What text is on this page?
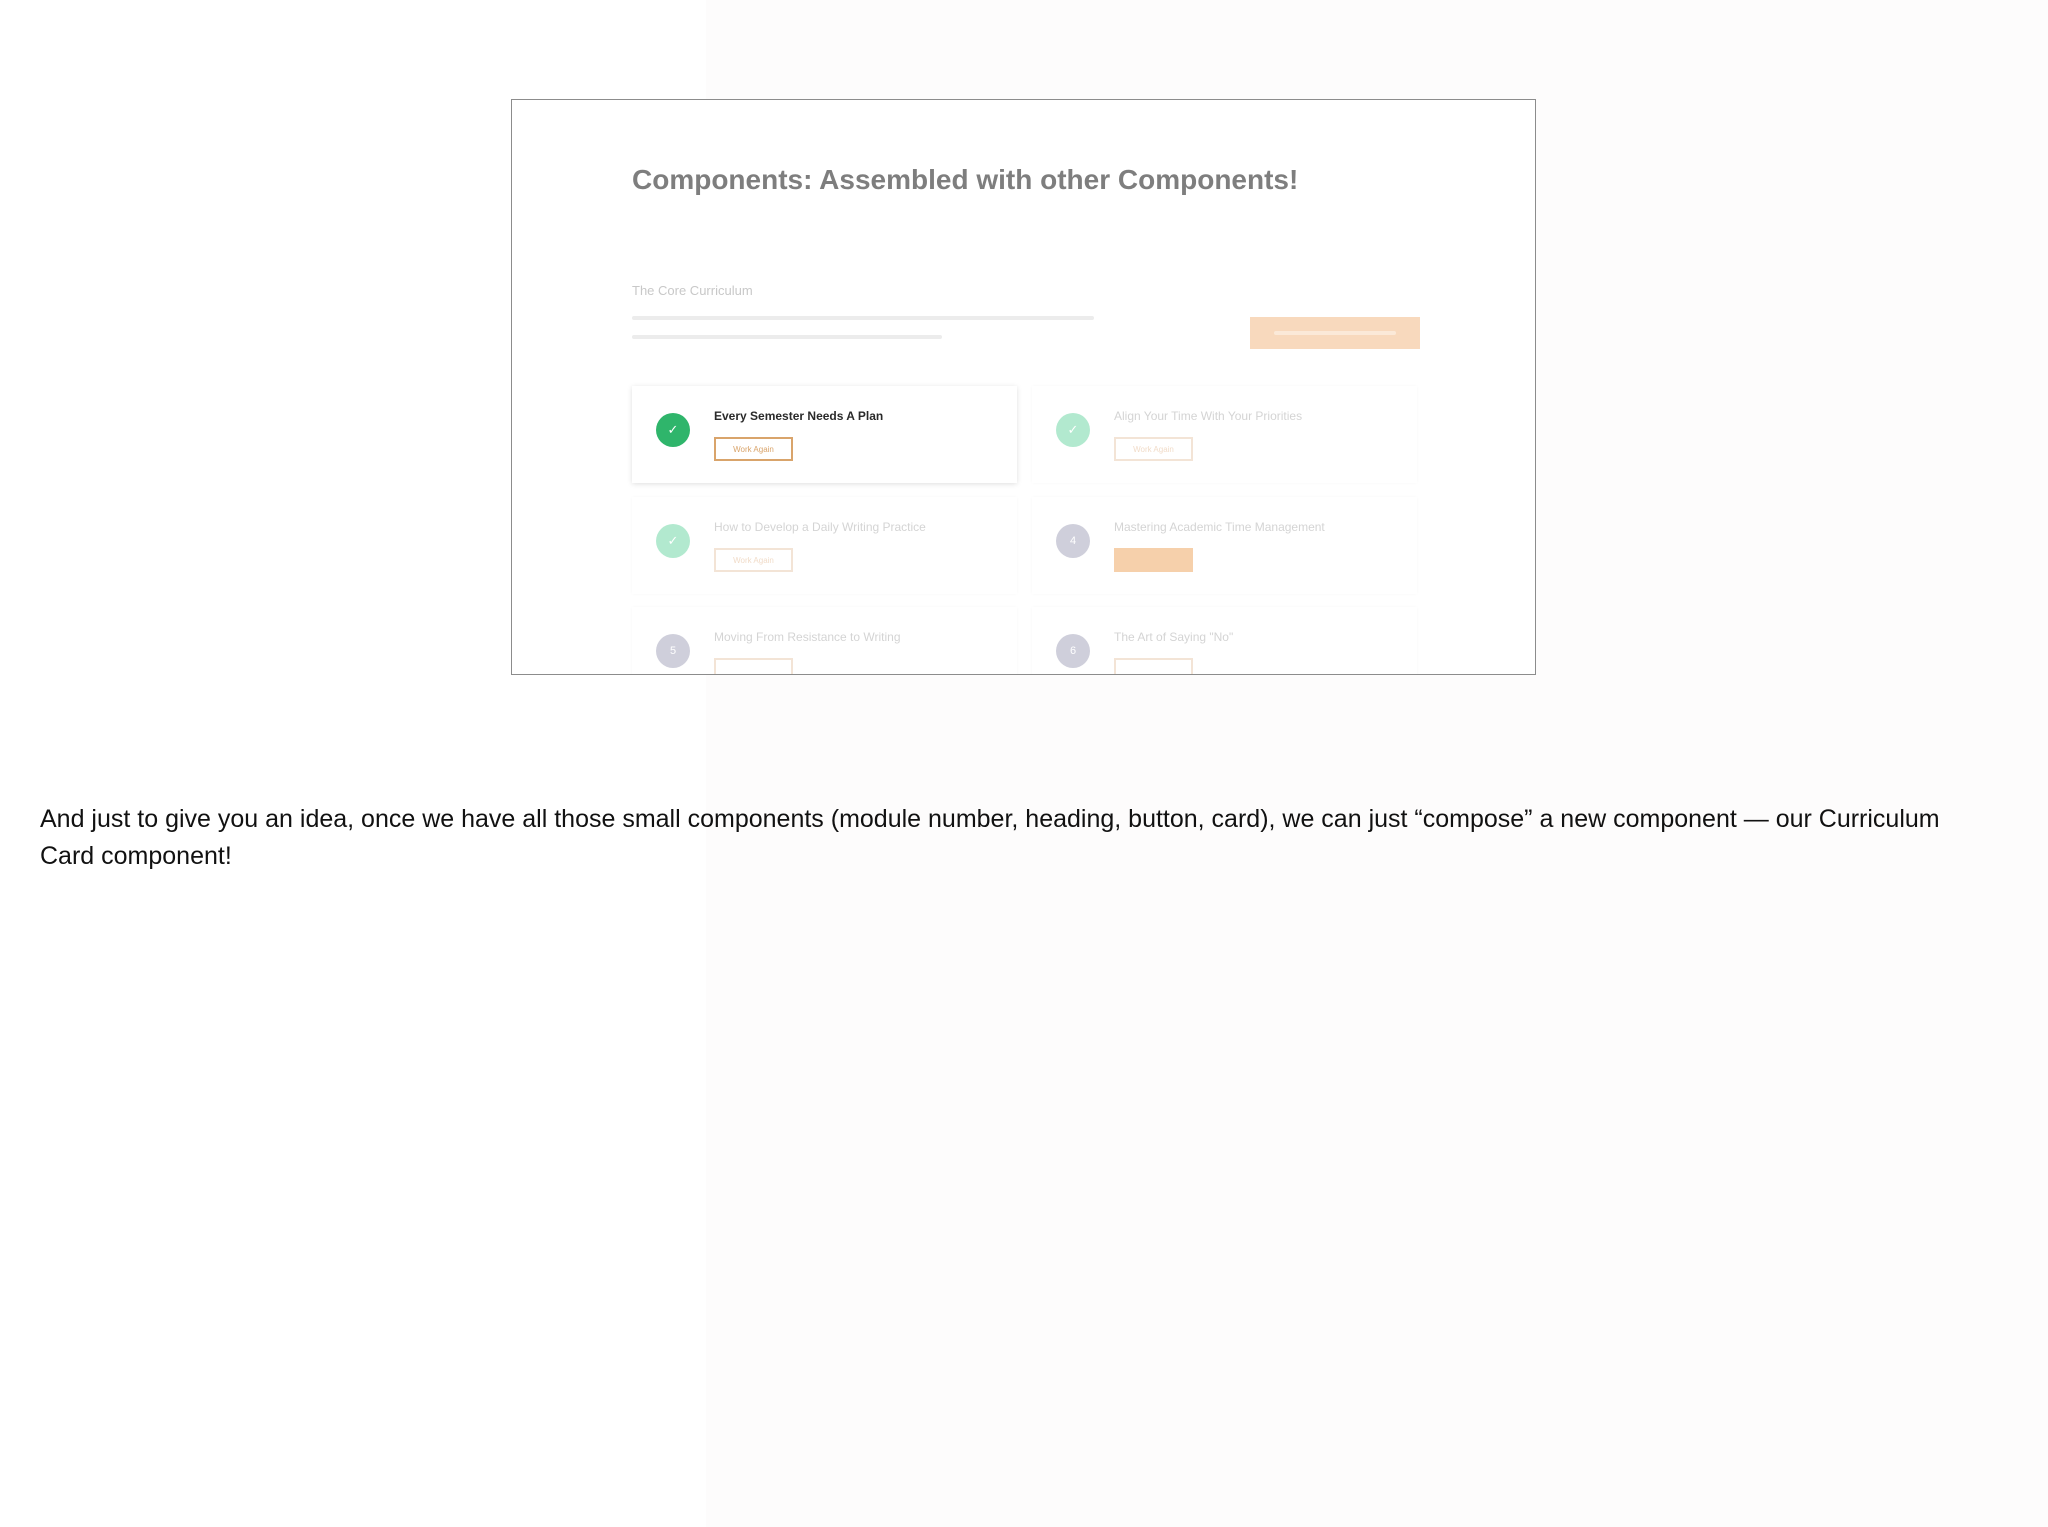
Components: Assembled with other Components!
The Core Curriculum
✓
Every Semester Needs A Plan
Work Again
✓
Align Your Time With Your Priorities
Work Again
✓
How to Develop a Daily Writing Practice
Work Again
4
Mastering Academic Time Management
5
Moving From Resistance to Writing
6
The Art of Saying "No"

And just to give you an idea, once we have all those small components (module number, heading, button, card), we can just “compose” a new component — our Curriculum Card component!
